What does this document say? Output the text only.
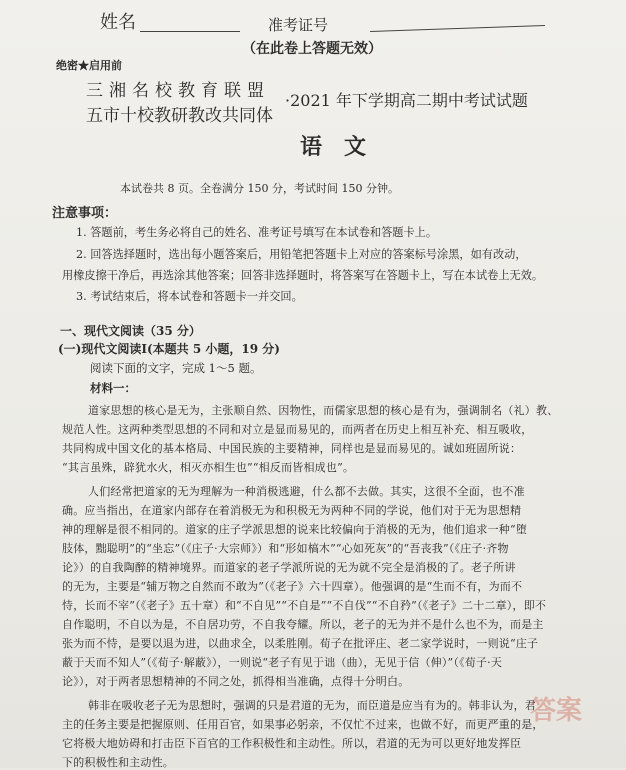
姓名	准考证号
（在此卷上答题无效）
绝密★启用前
三湘名校教育联盟
五市十校教研教改共同体
·2021 年下学期高二期中考试试题
语文
本试卷共 8 页。全卷满分 150 分，考试时间 150 分钟。
注意事项：
1. 答题前，考生务必将自己的姓名、准考证号填写在本试卷和答题卡上。
2. 回答选择题时，选出每小题答案后，用铅笔把答题卡上对应的答案标号涂黑，如有改动，
用橡皮擦干净后，再选涂其他答案；回答非选择题时，将答案写在答题卡上，写在本试卷上无效。
3. 考试结束后，将本试卷和答题卡一并交回。
一、现代文阅读（35 分）
(一)现代文阅读Ⅰ(本题共 5 小题，19 分)
阅读下面的文字，完成 1～5 题。
材料一：
道家思想的核心是无为，主张顺自然、因物性，而儒家思想的核心是有为，强调制名（礼）教、
规范人性。这两种类型思想的不同和对立是显而易见的，而两者在历史上相互补充、相互吸收，
共同构成中国文化的基本格局、中国民族的主要精神，同样也是显而易见的。诚如班固所说：
“其言虽殊，辟犹水火，相灭亦相生也”“相反而皆相成也”。
人们经常把道家的无为理解为一种消极逃避，什么都不去做。其实，这很不全面，也不准
确。应当指出，在道家内部存在着消极无为和积极无为两种不同的学说，他们对于无为思想精
神的理解是很不相同的。道家的庄子学派思想的说来比较偏向于消极的无为，他们追求一种“堕
肢体，黜聪明”的“坐忘”（《庄子·大宗师》）和“形如槁木”“心如死灰”的“吾丧我”（《庄子·齐物
论》）的自我陶醉的精神境界。而道家的老子学派所说的无为就不完全是消极的了。老子所讲
的无为，主要是“辅万物之自然而不敢为”（《老子》六十四章）。他强调的是“生而不有，为而不
恃，长而不宰”（《老子》五十章）和“不自见”“不自是”“不自伐”“不自矜”（《老子》二十二章），即不
自作聪明，不自以为是，不自居功劳，不自我夸耀。所以，老子的无为并不是什么也不为，而是主
张为而不恃，是要以退为进，以曲求全，以柔胜刚。荀子在批评庄、老二家学说时，一则说“庄子
蔽于天而不知人”（《荀子·解蔽》），一则说“老子有见于诎（曲），无见于信（伸）”（《荀子·天
论》），对于两者思想精神的不同之处，抓得相当准确，点得十分明白。
韩非在吸收老子无为思想时，强调的只是君道的无为，而臣道是应当有为的。韩非认为，君
主的任务主要是把握原则、任用百官，如果事必躬亲，不仅忙不过来，也做不好，而更严重的是，
它将极大地妨碍和打击臣下百官的工作积极性和主动性。所以，君道的无为可以更好地发挥臣
下的积极性和主动性。
答案
